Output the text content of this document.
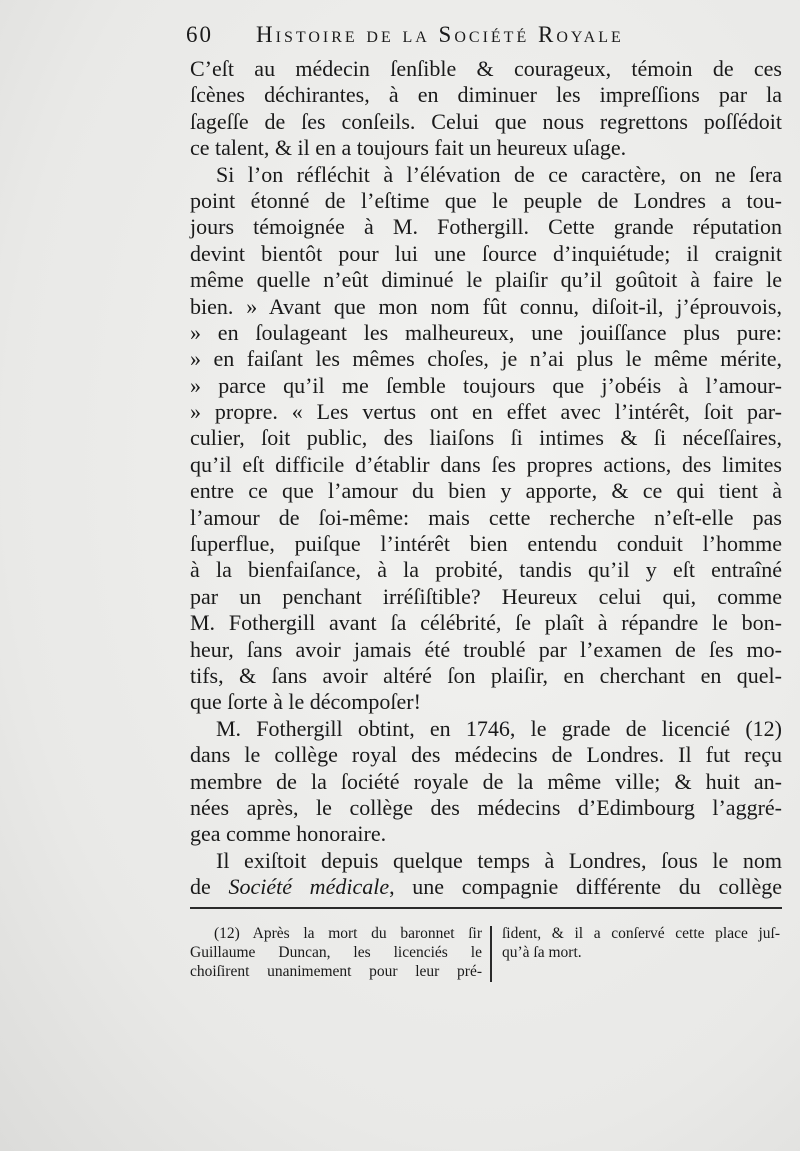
60 Histoire de la Société Royale
C’eſt au médecin ſenſible & courageux, témoin de ces
ſcènes déchirantes, à en diminuer les impreſſions par la
ſageſſe de ſes conſeils. Celui que nous regrettons poſſédoit
ce talent, & il en a toujours fait un heureux uſage.
Si l’on réfléchit à l’élévation de ce caractère, on ne ſera
point étonné de l’eſtime que le peuple de Londres a tou-
jours témoignée à M. Fothergill. Cette grande réputation
devint bientôt pour lui une ſource d’inquiétude; il craignit
même quelle n’eût diminué le plaiſir qu’il goûtoit à faire le
bien. » Avant que mon nom fût connu, diſoit-il, j’éprouvois,
» en ſoulageant les malheureux, une jouiſſance plus pure:
» en faiſant les mêmes choſes, je n’ai plus le même mérite,
» parce qu’il me ſemble toujours que j’obéis à l’amour-
» propre. « Les vertus ont en effet avec l’intérêt, ſoit par-
culier, ſoit public, des liaiſons ſi intimes & ſi néceſſaires,
qu’il eſt difficile d’établir dans ſes propres actions, des limites
entre ce que l’amour du bien y apporte, & ce qui tient à
l’amour de ſoi-même: mais cette recherche n’eſt-elle pas
ſuperflue, puiſque l’intérêt bien entendu conduit l’homme
à la bienfaiſance, à la probité, tandis qu’il y eſt entraîné
par un penchant irréſiſtible? Heureux celui qui, comme
M. Fothergill avant ſa célébrité, ſe plaît à répandre le bon-
heur, ſans avoir jamais été troublé par l’examen de ſes mo-
tifs, & ſans avoir altéré ſon plaiſir, en cherchant en quel-
que ſorte à le décompoſer!
M. Fothergill obtint, en 1746, le grade de licencié (12)
dans le collège royal des médecins de Londres. Il fut reçu
membre de la ſociété royale de la même ville; & huit an-
nées après, le collège des médecins d’Edimbourg l’aggré-
gea comme honoraire.
Il exiſtoit depuis quelque temps à Londres, ſous le nom
de Société médicale, une compagnie différente du collège
(12) Après la mort du baronnet ſir
Guillaume Duncan, les licenciés le
choiſirent unanimement pour leur pré-
ſident, & il a conſervé cette place juſ-
qu’à ſa mort.
